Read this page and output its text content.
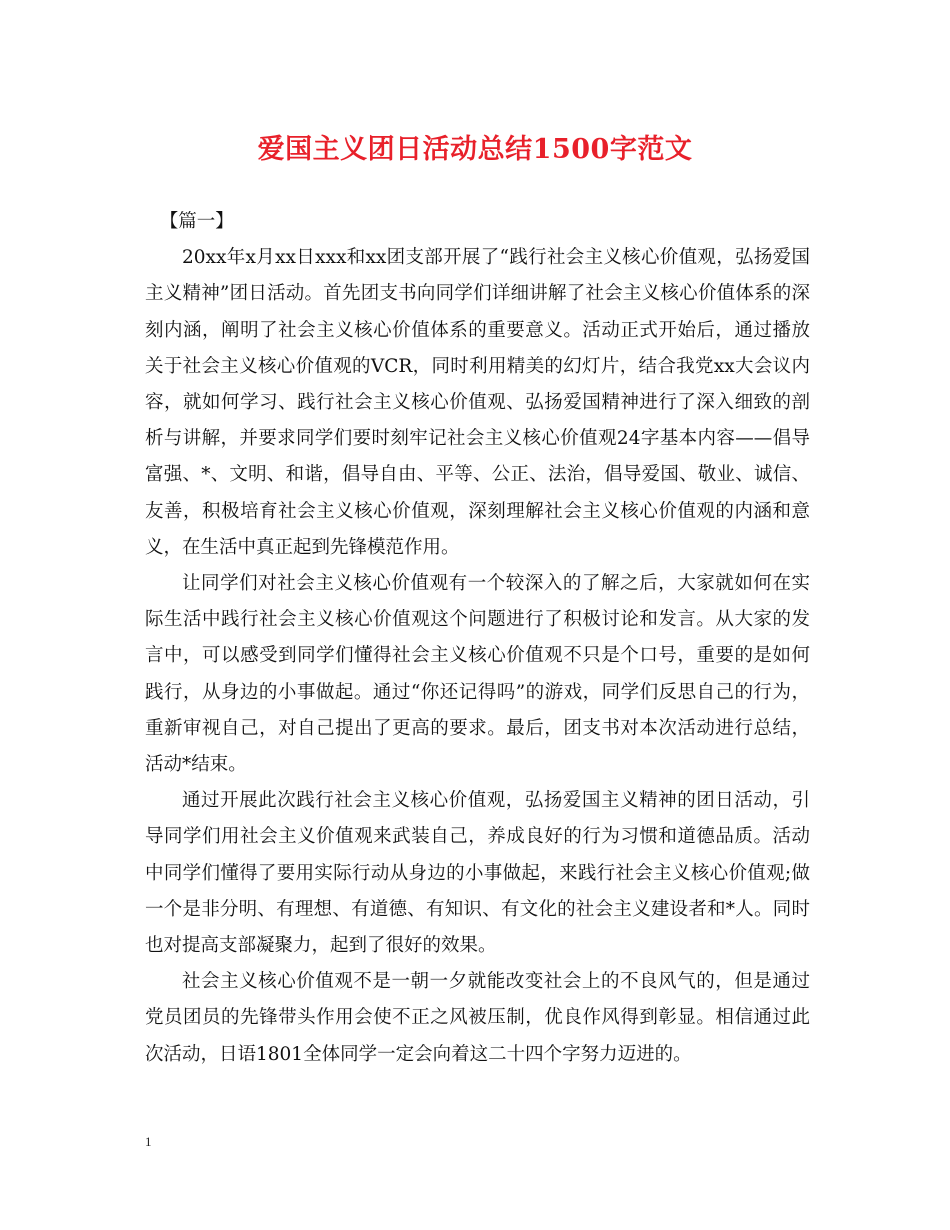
爱国主义团日活动总结1500字范文

【篇一】

20xx年x月xx日xxx和xx团支部开展了“践行社会主义核心价值观，弘扬爱国主义精神”团日活动。首先团支书向同学们详细讲解了社会主义核心价值体系的深刻内涵，阐明了社会主义核心价值体系的重要意义。活动正式开始后，通过播放关于社会主义核心价值观的VCR，同时利用精美的幻灯片，结合我党xx大会议内容，就如何学习、践行社会主义核心价值观、弘扬爱国精神进行了深入细致的剖析与讲解，并要求同学们要时刻牢记社会主义核心价值观24字基本内容——倡导富强、*、文明、和谐，倡导自由、平等、公正、法治，倡导爱国、敬业、诚信、友善，积极培育社会主义核心价值观，深刻理解社会主义核心价值观的内涵和意义，在生活中真正起到先锋模范作用。

让同学们对社会主义核心价值观有一个较深入的了解之后，大家就如何在实际生活中践行社会主义核心价值观这个问题进行了积极讨论和发言。从大家的发言中，可以感受到同学们懂得社会主义核心价值观不只是个口号，重要的是如何践行，从身边的小事做起。通过“你还记得吗”的游戏，同学们反思自己的行为，重新审视自己，对自己提出了更高的要求。最后，团支书对本次活动进行总结，活动*结束。

通过开展此次践行社会主义核心价值观，弘扬爱国主义精神的团日活动，引导同学们用社会主义价值观来武装自己，养成良好的行为习惯和道德品质。活动中同学们懂得了要用实际行动从身边的小事做起，来践行社会主义核心价值观;做一个是非分明、有理想、有道德、有知识、有文化的社会主义建设者和*人。同时也对提高支部凝聚力，起到了很好的效果。

社会主义核心价值观不是一朝一夕就能改变社会上的不良风气的，但是通过党员团员的先锋带头作用会使不正之风被压制，优良作风得到彰显。相信通过此次活动，日语1801全体同学一定会向着这二十四个字努力迈进的。

1
